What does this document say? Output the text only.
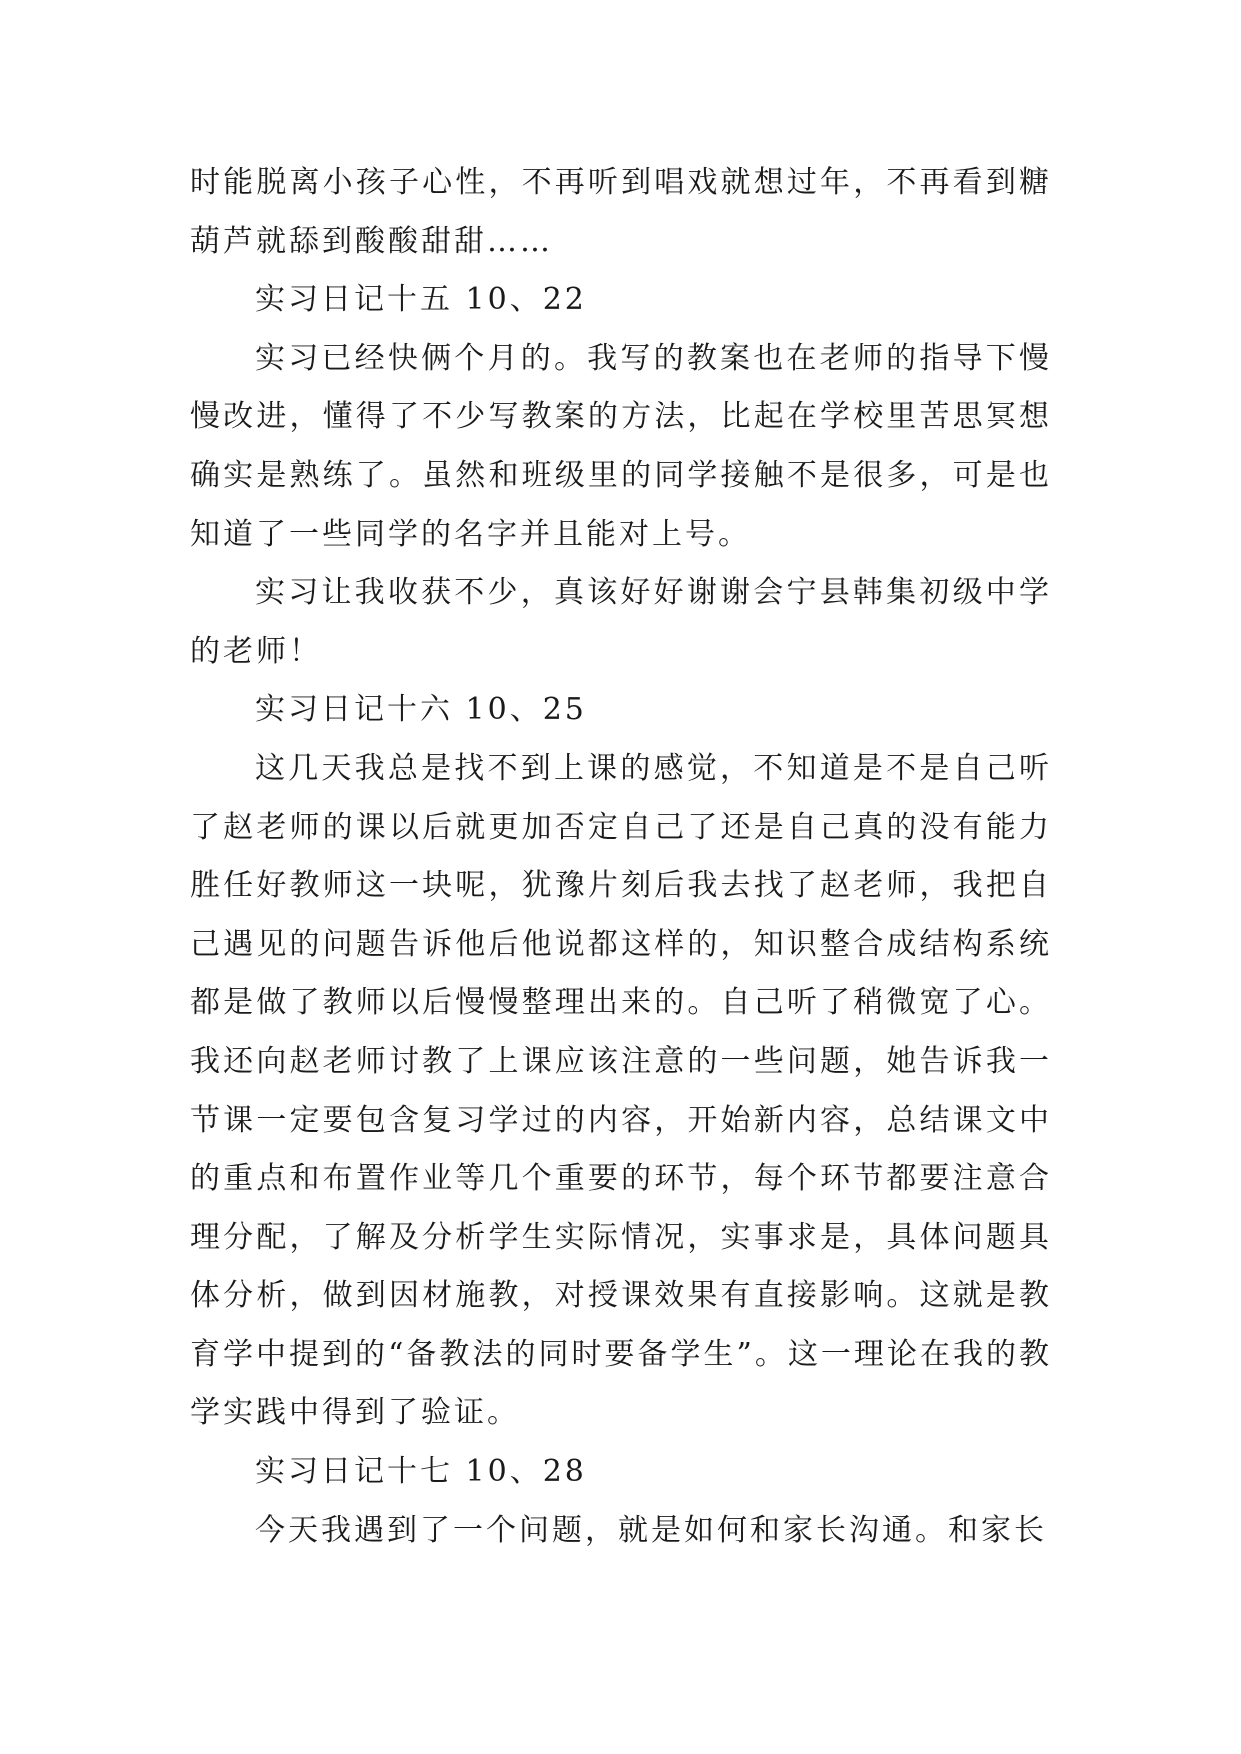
时能脱离小孩子心性，不再听到唱戏就想过年，不再看到糖葫芦就舔到酸酸甜甜……

实习日记十五 10、22

实习已经快俩个月的。我写的教案也在老师的指导下慢慢改进，懂得了不少写教案的方法，比起在学校里苦思冥想确实是熟练了。虽然和班级里的同学接触不是很多，可是也知道了一些同学的名字并且能对上号。

实习让我收获不少，真该好好谢谢会宁县韩集初级中学的老师！

实习日记十六 10、25

这几天我总是找不到上课的感觉，不知道是不是自己听了赵老师的课以后就更加否定自己了还是自己真的没有能力胜任好教师这一块呢，犹豫片刻后我去找了赵老师，我把自己遇见的问题告诉他后他说都这样的，知识整合成结构系统都是做了教师以后慢慢整理出来的。自己听了稍微宽了心。我还向赵老师讨教了上课应该注意的一些问题，她告诉我一节课一定要包含复习学过的内容，开始新内容，总结课文中的重点和布置作业等几个重要的环节，每个环节都要注意合理分配，了解及分析学生实际情况，实事求是，具体问题具体分析，做到因材施教，对授课效果有直接影响。这就是教育学中提到的“备教法的同时要备学生”。这一理论在我的教学实践中得到了验证。

实习日记十七 10、28

今天我遇到了一个问题，就是如何和家长沟通。和家长
